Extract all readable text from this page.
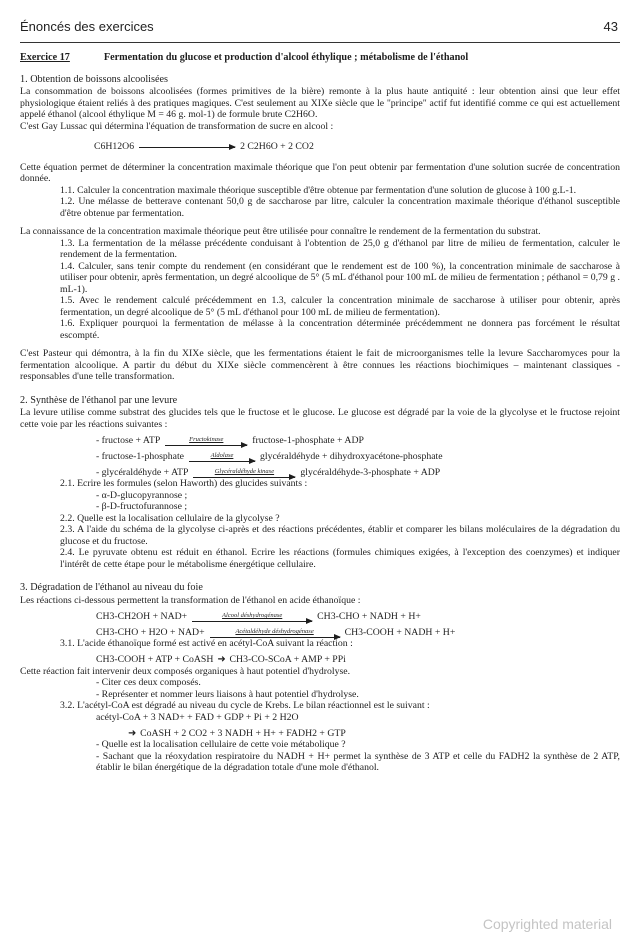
Énoncés des exercices	43
Exercice 17	Fermentation du glucose et production d'alcool éthylique ; métabolisme de l'éthanol
1. Obtention de boissons alcoolisées

La consommation de boissons alcoolisées (formes primitives de la bière) remonte à la plus haute antiquité : leur obtention ainsi que leur effet physiologique étaient reliés à des pratiques magiques. C'est seulement au XIXe siècle que le "principe" actif fut identifié comme ce qui est actuellement appelé éthanol (alcool éthylique M = 46 g. mol-1) de formule brute C2H6O.

C'est Gay Lussac qui détermina l'équation de transformation de sucre en alcool :

C6H12O6	2 C2H6O + 2 CO2

Cette équation permet de déterminer la concentration maximale théorique que l'on peut obtenir par fermentation d'une solution sucrée de concentration donnée.

1.1. Calculer la concentration maximale théorique susceptible d'être obtenue par fermentation d'une solution de glucose à 100 g.L-1.

1.2. Une mélasse de betterave contenant 50,0 g de saccharose par litre, calculer la concentration maximale théorique d'éthanol susceptible d'être obtenue par fermentation.

La connaissance de la concentration maximale théorique peut être utilisée pour connaître le rendement de la fermentation du substrat.

1.3. La fermentation de la mélasse précédente conduisant à l'obtention de 25,0 g d'éthanol par litre de milieu de fermentation, calculer le rendement de la fermentation.

1.4. Calculer, sans tenir compte du rendement (en considérant que le rendement est de 100 %), la concentration minimale de saccharose à utiliser pour obtenir, après fermentation, un degré alcoolique de 5° (5 mL d'éthanol pour 100 mL de milieu de fermentation ; ρéthanol = 0,79 g . mL-1).

1.5. Avec le rendement calculé précédemment en 1.3, calculer la concentration minimale de saccharose à utiliser pour obtenir, après fermentation, un degré alcoolique de 5° (5 mL d'éthanol pour 100 mL de milieu de fermentation).

1.6. Expliquer pourquoi la fermentation de mélasse à la concentration déterminée précédemment ne donnera pas forcément le résultat escompté.

C'est Pasteur qui démontra, à la fin du XIXe siècle, que les fermentations étaient le fait de microorganismes telle la levure Saccharomyces pour la fermentation alcoolique. A partir du début du XIXe siècle commencèrent à être connues les réactions biochimiques – maintenant classiques - responsables d'une telle transformation.

2. Synthèse de l'éthanol par une levure

La levure utilise comme substrat des glucides tels que le fructose et le glucose. Le glucose est dégradé par la voie de la glycolyse et le fructose rejoint cette voie par les réactions suivantes :

- fructose + ATP	Fructokinase	fructose-1-phosphate + ADP
- fructose-1-phosphate	Aldolase	glycéraldéhyde + dihydroxyacétone-phosphate
- glycéraldéhyde + ATP	Glycéraldéhyde kinase	glycéraldéhyde-3-phosphate + ADP

2.1. Ecrire les formules (selon Haworth) des glucides suivants :

- α-D-glucopyrannose ;

- β-D-fructofurannose ;

2.2. Quelle est la localisation cellulaire de la glycolyse ?

2.3. A l'aide du schéma de la glycolyse ci-après et des réactions précédentes, établir et comparer les bilans moléculaires de la dégradation du glucose et du fructose.

2.4. Le pyruvate obtenu est réduit en éthanol. Ecrire les réactions (formules chimiques exigées, à l'exception des coenzymes) et indiquer l'intérêt de cette étape pour le métabolisme énergétique cellulaire.

3. Dégradation de l'éthanol au niveau du foie

Les réactions ci-dessous permettent la transformation de l'éthanol en acide éthanoïque :

CH3-CH2OH + NAD+	Alcool déshydrogénase	CH3-CHO + NADH + H+
CH3-CHO + H2O + NAD+	Acétaldéhyde déshydrogénase	CH3-COOH + NADH + H+

3.1. L'acide éthanoïque formé est activé en acétyl-CoA suivant la réaction :

CH3-COOH + ATP + CoASH ➜ CH3-CO-SCoA + AMP + PPi

Cette réaction fait intervenir deux composés organiques à haut potentiel d'hydrolyse.

- Citer ces deux composés.

- Représenter et nommer leurs liaisons à haut potentiel d'hydrolyse.

3.2. L'acétyl-CoA est dégradé au niveau du cycle de Krebs. Le bilan réactionnel est le suivant :

acétyl-CoA + 3 NAD+ + FAD + GDP + Pi + 2 H2O

➜ CoASH + 2 CO2 + 3 NADH + H+ + FADH2 + GTP

- Quelle est la localisation cellulaire de cette voie métabolique ?

- Sachant que la réoxydation respiratoire du NADH + H+ permet la synthèse de 3 ATP et celle du FADH2 la synthèse de 2 ATP, établir le bilan énergétique de la dégradation totale d'une mole d'éthanol.

Copyrighted material
